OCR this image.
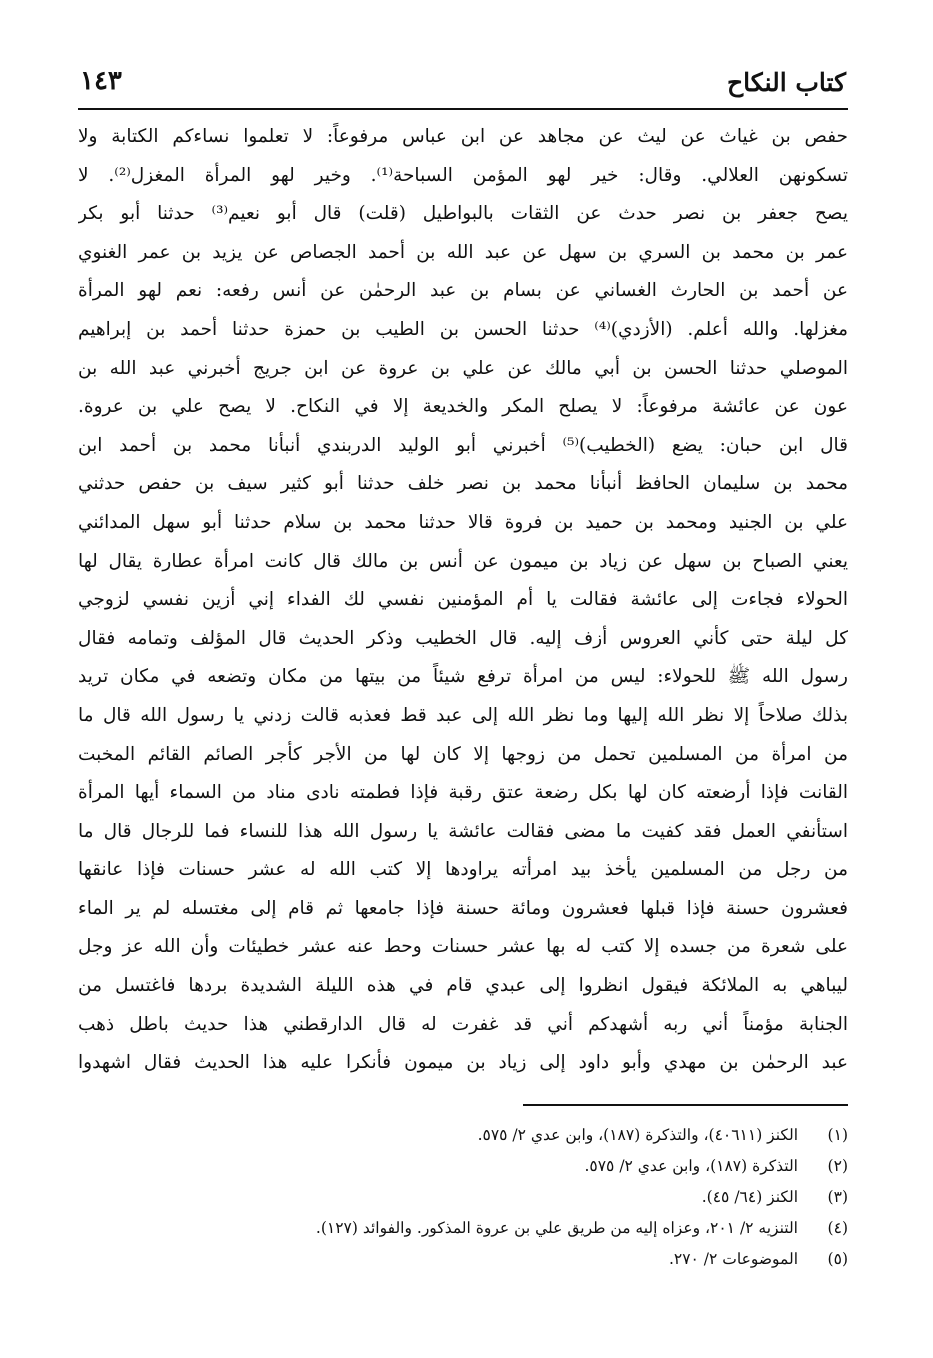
كتاب النكاح
١٤٣
حفص بن غياث عن ليث عن مجاهد عن ابن عباس مرفوعاً: لا تعلموا نساءكم الكتابة ولا
تسكونهن العلالي. وقال: خير لهو المؤمن السباحة⁽¹⁾. وخير لهو المرأة المغزل⁽²⁾. لا
يصح جعفر بن نصر حدث عن الثقات بالبواطيل (قلت) قال أبو نعيم⁽³⁾ حدثنا أبو بكر
عمر بن محمد بن السري بن سهل عن عبد الله بن أحمد الجصاص عن يزيد بن عمر الغنوي
عن أحمد بن الحارث الغساني عن بسام بن عبد الرحمٰن عن أنس رفعه: نعم لهو المرأة
مغزلها. والله أعلم. (الأزدي)⁽⁴⁾ حدثنا الحسن بن الطيب بن حمزة حدثنا أحمد بن إبراهيم
الموصلي حدثنا الحسن بن أبي مالك عن علي بن عروة عن ابن جريج أخبرني عبد الله بن
عون عن عائشة مرفوعاً: لا يصلح المكر والخديعة إلا في النكاح. لا يصح علي بن عروة.
قال ابن حبان: يضع (الخطيب)⁽⁵⁾ أخبرني أبو الوليد الدربندي أنبأنا محمد بن أحمد ابن
محمد بن سليمان الحافظ أنبأنا محمد بن نصر خلف حدثنا أبو كثير سيف بن حفص حدثني
علي بن الجنيد ومحمد بن حميد بن فروة قالا حدثنا محمد بن سلام حدثنا أبو سهل المدائني
يعني الصباح بن سهل عن زياد بن ميمون عن أنس بن مالك قال كانت امرأة عطارة يقال لها
الحولاء فجاءت إلى عائشة فقالت يا أم المؤمنين نفسي لك الفداء إني أزين نفسي لزوجي
كل ليلة حتى كأني العروس أزف إليه. قال الخطيب وذكر الحديث قال المؤلف وتمامه فقال
رسول الله ﷺ للحولاء: ليس من امرأة ترفع شيئاً من بيتها من مكان وتضعه في مكان تريد
بذلك صلاحاً إلا نظر الله إليها وما نظر الله إلى عبد قط فعذبه قالت زدني يا رسول الله قال ما
من امرأة من المسلمين تحمل من زوجها إلا كان لها من الأجر كأجر الصائم القائم المخبت
القانت فإذا أرضعته كان لها بكل رضعة عتق رقبة فإذا فطمته نادى مناد من السماء أيها المرأة
استأنفي العمل فقد كفيت ما مضى فقالت عائشة يا رسول الله هذا للنساء فما للرجال قال ما
من رجل من المسلمين يأخذ بيد امرأته يراودها إلا كتب الله له عشر حسنات فإذا عانقها
فعشرون حسنة فإذا قبلها فعشرون ومائة حسنة فإذا جامعها ثم قام إلى مغتسله لم ير الماء
على شعرة من جسده إلا كتب له بها عشر حسنات وحط عنه عشر خطيئات وأن الله عز وجل
ليباهي به الملائكة فيقول انظروا إلى عبدي قام في هذه الليلة الشديدة بردها فاغتسل من
الجنابة مؤمناً أني ربه أشهدكم أني قد غفرت له قال الدارقطني هذا حديث باطل ذهب
عبد الرحمٰن بن مهدي وأبو داود إلى زياد بن ميمون فأنكرا عليه هذا الحديث فقال اشهدوا
(١)الكنز (٤٠٦١١)، والتذكرة (١٨٧)، وابن عدي ٢/ ٥٧٥.
(٢)التذكرة (١٨٧)، وابن عدي ٢/ ٥٧٥.
(٣)الكنز (٦٤/ ٤٥).
(٤)التنزيه ٢/ ٢٠١، وعزاه إليه من طريق علي بن عروة المذكور. والفوائد (١٢٧).
(٥)الموضوعات ٢/ ٢٧٠.
